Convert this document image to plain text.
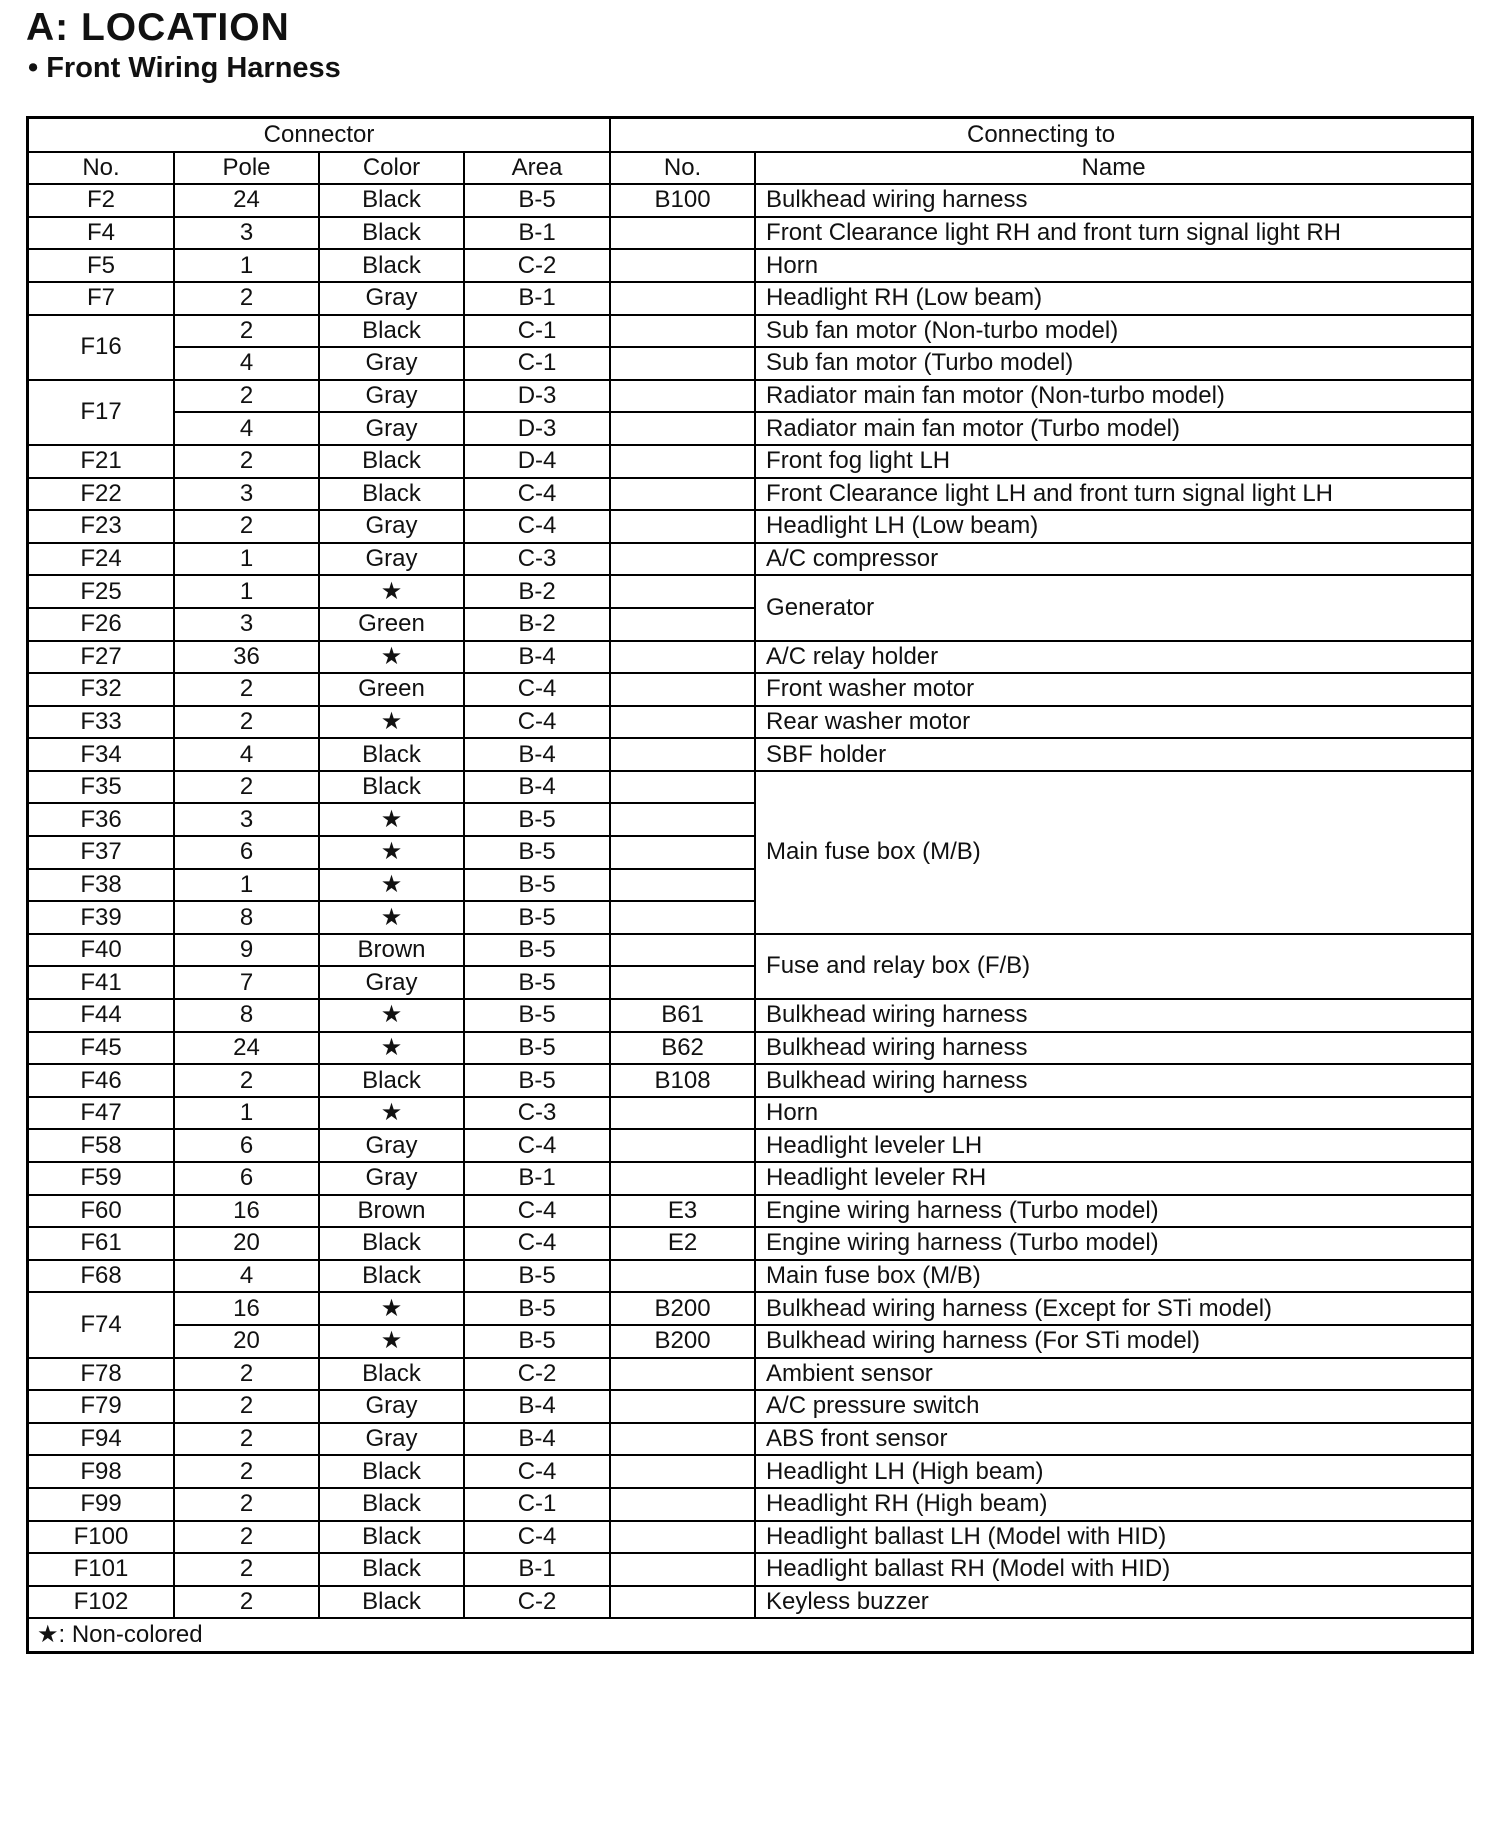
A: LOCATION
• Front Wiring Harness
Connector				Connecting to	
No.	Pole	Color	Area	No.	Name
F2	24	Black	B-5	B100	Bulkhead wiring harness
F4	3	Black	B-1		Front Clearance light RH and front turn signal light RH
F5	1	Black	C-2		Horn
F7	2	Gray	B-1		Headlight RH (Low beam)
F16	2	Black	C-1		Sub fan motor (Non-turbo model)
	4	Gray	C-1		Sub fan motor (Turbo model)
F17	2	Gray	D-3		Radiator main fan motor (Non-turbo model)
	4	Gray	D-3		Radiator main fan motor (Turbo model)
F21	2	Black	D-4		Front fog light LH
F22	3	Black	C-4		Front Clearance light LH and front turn signal light LH
F23	2	Gray	C-4		Headlight LH (Low beam)
F24	1	Gray	C-3		A/C compressor
F25	1	★	B-2		Generator
F26	3	Green	B-2		
F27	36	★	B-4		A/C relay holder
F32	2	Green	C-4		Front washer motor
F33	2	★	C-4		Rear washer motor
F34	4	Black	B-4		SBF holder
F35	2	Black	B-4		Main fuse box (M/B)
F36	3	★	B-5		
F37	6	★	B-5		
F38	1	★	B-5		
F39	8	★	B-5		
F40	9	Brown	B-5		Fuse and relay box (F/B)
F41	7	Gray	B-5		
F44	8	★	B-5	B61	Bulkhead wiring harness
F45	24	★	B-5	B62	Bulkhead wiring harness
F46	2	Black	B-5	B108	Bulkhead wiring harness
F47	1	★	C-3		Horn
F58	6	Gray	C-4		Headlight leveler LH
F59	6	Gray	B-1		Headlight leveler RH
F60	16	Brown	C-4	E3	Engine wiring harness (Turbo model)
F61	20	Black	C-4	E2	Engine wiring harness (Turbo model)
F68	4	Black	B-5		Main fuse box (M/B)
F74	16	★	B-5	B200	Bulkhead wiring harness (Except for STi model)
	20	★	B-5	B200	Bulkhead wiring harness (For STi model)
F78	2	Black	C-2		Ambient sensor
F79	2	Gray	B-4		A/C pressure switch
F94	2	Gray	B-4		ABS front sensor
F98	2	Black	C-4		Headlight LH (High beam)
F99	2	Black	C-1		Headlight RH (High beam)
F100	2	Black	C-4		Headlight ballast LH (Model with HID)
F101	2	Black	B-1		Headlight ballast RH (Model with HID)
F102	2	Black	C-2		Keyless buzzer
★: Non-colored					
